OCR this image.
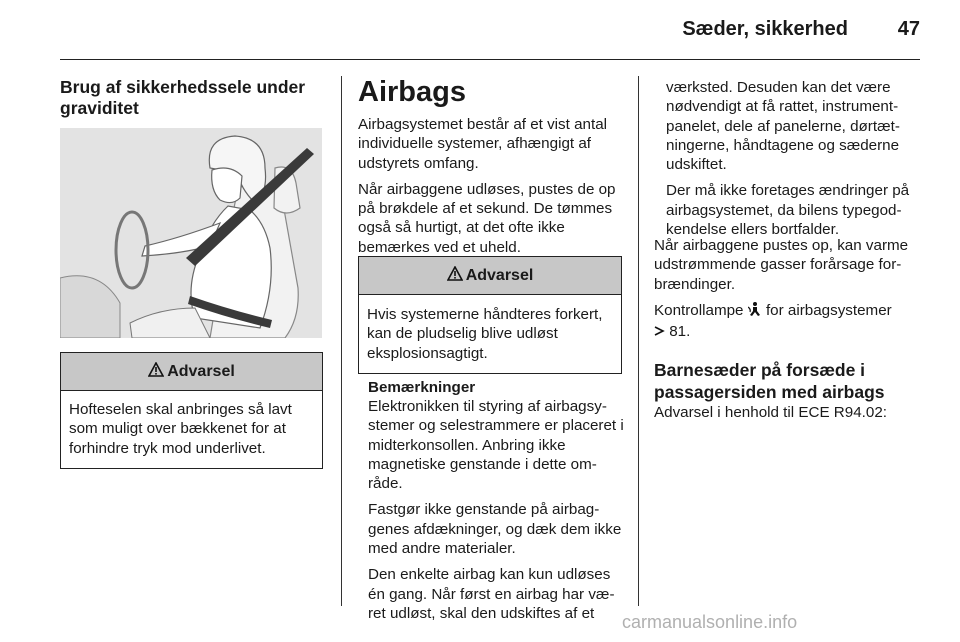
Sæder, sikkerhed 47
Brug af sikkerhedssele under graviditet
Advarsel
Hofteselen skal anbringes så lavt som muligt over bækkenet for at forhindre tryk mod underlivet.
Airbags

Airbagsystemet består af et vist antal individuelle systemer, afhængigt af udstyrets omfang.

Når airbaggene udløses, pustes de op på brøkdele af et sekund. De tømmes også så hurtigt, at det ofte ikke bemærkes ved et uheld.

Advarsel
Hvis systemerne håndteres forkert, kan de pludselig blive udløst eksplosionsagtigt.
Bemærkninger

Elektronikken til styring af airbagsystemer og selestrammere er placeret i midterkonsollen. Anbring ikke magnetiske genstande i dette område.

Fastgør ikke genstande på airbaggenes afdækninger, og dæk dem ikke med andre materialer.

Den enkelte airbag kan kun udløses én gang. Når først en airbag har været udløst, skal den udskiftes af et

værksted. Desuden kan det være nødvendigt at få rattet, instrumentpanelet, dele af panelerne, dørtætningerne, håndtagene og sæderne udskiftet.

Der må ikke foretages ændringer på airbagsystemet, da bilens typegodkendelse ellers bortfalder.

Når airbaggene pustes op, kan varme udstrømmende gasser forårsage forbrændinger.

Kontrollampe  for airbagsystemer
81.

Barnesæder på forsæde i passagersiden med airbags

Advarsel i henhold til ECE R94.02:

carmanualsonline.info
